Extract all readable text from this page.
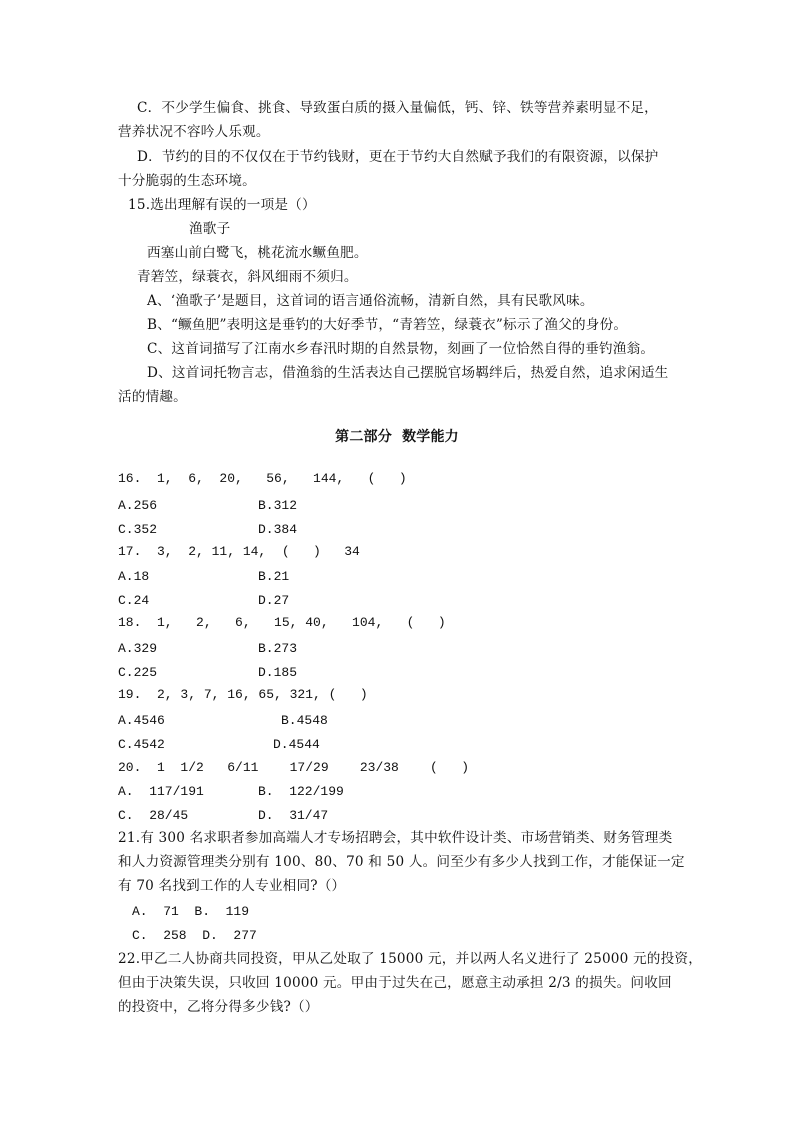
C．不少学生偏食、挑食、导致蛋白质的摄入量偏低，钙、锌、铁等营养素明显不足，
营养状况不容吟人乐观。
D．节约的目的不仅仅在于节约钱财，更在于节约大自然赋予我们的有限资源，以保护
十分脆弱的生态环境。
15.选出理解有误的一项是（）
渔歌子
西塞山前白鹭飞，桃花流水鳜鱼肥。
青箬笠，绿蓑衣，斜风细雨不须归。
A、‘渔歌子’是题目，这首词的语言通俗流畅，清新自然，具有民歌风味。
B、“鳜鱼肥”表明这是垂钓的大好季节，“青箬笠，绿蓑衣”标示了渔父的身份。
C、这首词描写了江南水乡春汛时期的自然景物，刻画了一位恰然自得的垂钓渔翁。
D、这首词托物言志，借渔翁的生活表达自己摆脱官场羁绊后，热爱自然，追求闲适生
活的情趣。
第二部分  数学能力
16.  1,  6,  20,   56,   144,   (   )
A.256	B.312
C.352	D.384
17.  3,  2, 11, 14,  (   )   34
A.18	B.21
C.24	D.27
18.  1,   2,   6,   15, 40,   104,   (   )
A.329	B.273
C.225	D.185
19.  2, 3, 7, 16, 65, 321, (   )
A.4546	B.4548
C.4542	D.4544
20.  1  1/2   6/11    17/29    23/38    (   )
A.  117/191	B.  122/199
C.  28/45	D.  31/47
21.有 300 名求职者参加高端人才专场招聘会，其中软件设计类、市场营销类、财务管理类
和人力资源管理类分别有 100、80、70 和 50 人。问至少有多少人找到工作，才能保证一定
有 70 名找到工作的人专业相同?（）
A.  71  B.  119
C.  258  D.  277
22.甲乙二人协商共同投资，甲从乙处取了 15000 元，并以两人名义进行了 25000 元的投资，
但由于决策失误，只收回 10000 元。甲由于过失在己，愿意主动承担 2/3 的损失。问收回
的投资中，乙将分得多少钱?（）
